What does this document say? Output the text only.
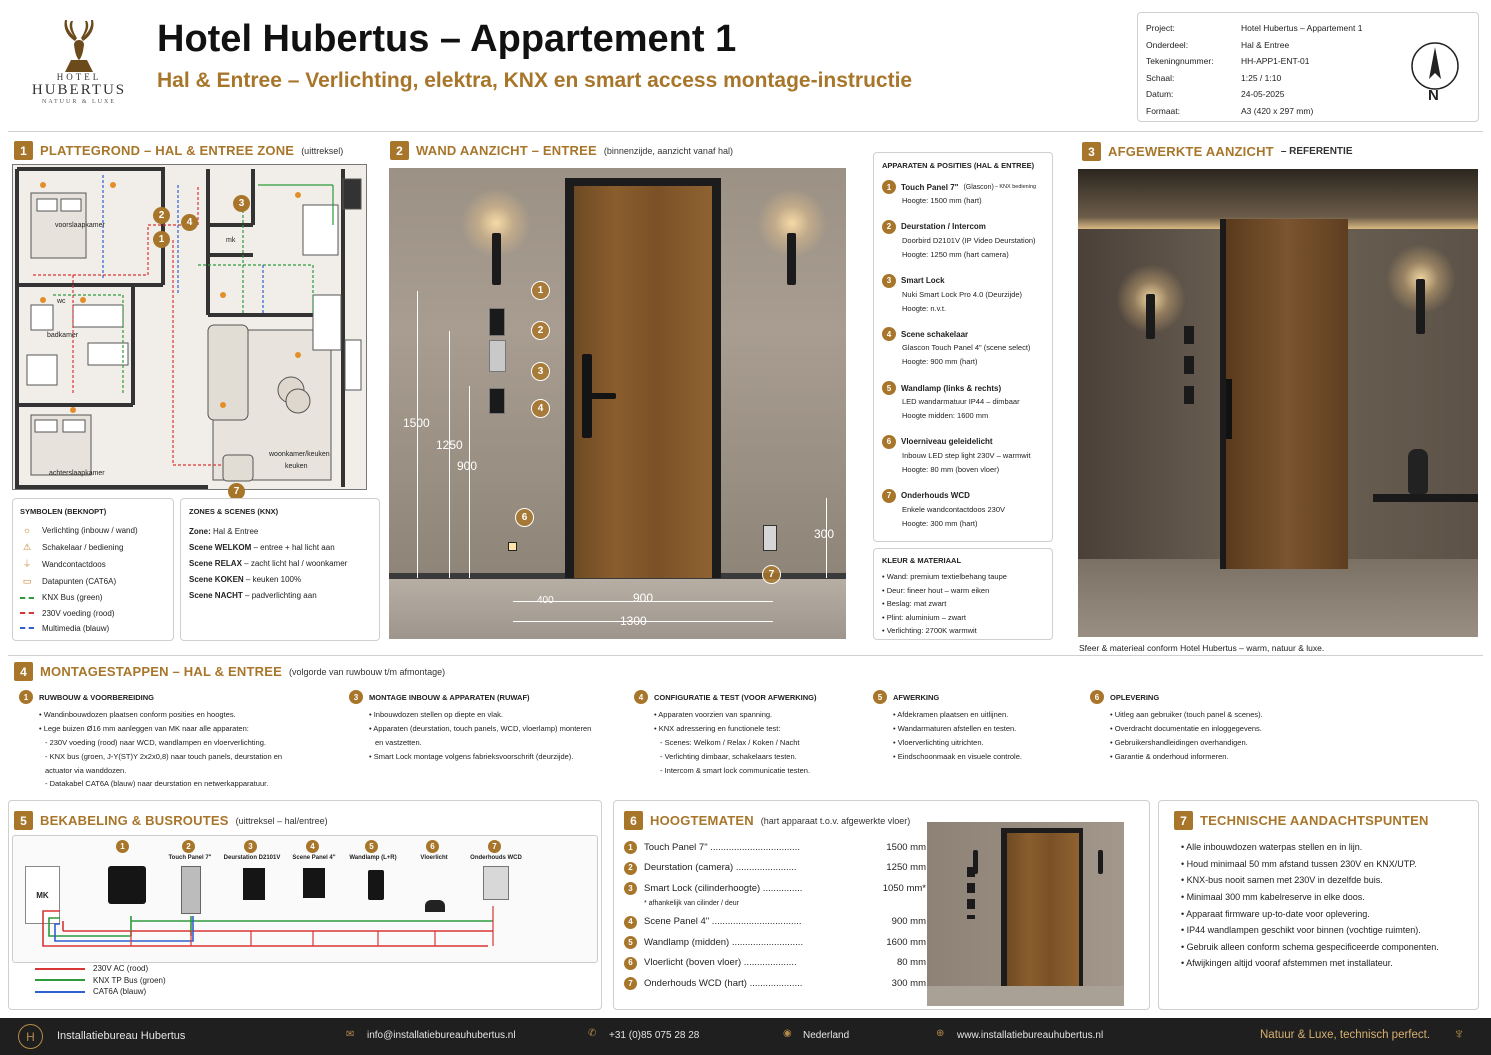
HOTEL
HUBERTUS
NATUUR & LUXE
Hotel Hubertus – Appartement 1
Hal & Entree – Verlichting, elektra, KNX en smart access montage-instructie
Project:	Hotel Hubertus – Appartement 1
Onderdeel:	Hal & Entree
Tekeningnummer:	HH-APP1-ENT-01
Schaal:	1:25 / 1:10
Datum:	24-05-2025
Formaat:	A3 (420 x 297 mm)
N
1	PLATTEGROND – HAL & ENTREE ZONE (uittreksel)
voorslaapkamer
mk
wc
badkamer
achterslaapkamer
woonkamer/keuken
keuken
2
4
3
1
7
SYMBOLEN (BEKNOPT)
☼	Verlichting (inbouw / wand)
⚠	Schakelaar / bediening
⏚	Wandcontactdoos
▭	Datapunten (CAT6A)
KNX Bus (green)
230V voeding (rood)
Multimedia (blauw)
ZONES & SCENES (KNX)
Zone: Hal & Entree
Scene WELKOM – entree + hal licht aan
Scene RELAX – zacht licht hal / woonkamer
Scene KOKEN – keuken 100%
Scene NACHT – padverlichting aan
2	WAND AANZICHT – ENTREE (binnenzijde, aanzicht vanaf hal)
1500
1250
900
300
400	900
1300
1
2
3
4
6
7
APPARATEN & POSITIES (HAL & ENTREE)
1	Touch Panel 7" (Glascon) – KNX bediening
Hoogte: 1500 mm (hart)
2	Deurstation / Intercom
Doorbird D2101V (IP Video Deurstation)
Hoogte: 1250 mm (hart camera)
3	Smart Lock
Nuki Smart Lock Pro 4.0 (Deurzijde)
Hoogte: n.v.t.
4	Scene schakelaar
Glascon Touch Panel 4" (scene select)
Hoogte: 900 mm (hart)
5	Wandlamp (links & rechts)
LED wandarmatuur IP44 – dimbaar
Hoogte midden: 1600 mm
6	Vloerniveau geleidelicht
Inbouw LED step light 230V – warmwit
Hoogte: 80 mm (boven vloer)
7	Onderhouds WCD
Enkele wandcontactdoos 230V
Hoogte: 300 mm (hart)
KLEUR & MATERIAAL
• Wand: premium textielbehang taupe
• Deur: fineer hout – warm eiken
• Beslag: mat zwart
• Plint: aluminium – zwart
• Verlichting: 2700K warmwit
3	AFGEWERKTE AANZICHT – REFERENTIE
Sfeer & materieal conform Hotel Hubertus – warm, natuur & luxe.
4	MONTAGESTAPPEN – HAL & ENTREE (volgorde van ruwbouw t/m afmontage)
1	RUWBOUW & VOORBEREIDING
• Wandinbouwdozen plaatsen conform posities en hoogtes.
• Lege buizen Ø16 mm aanleggen van MK naar alle apparaten:
- 230V voeding (rood) naar WCD, wandlampen en vloerverlichting.
- KNX bus (groen, J-Y(ST)Y 2x2x0,8) naar touch panels, deurstation en
actuator via wanddozen.
- Datakabel CAT6A (blauw) naar deurstation en netwerkapparatuur.
3	MONTAGE INBOUW & APPARATEN (RUWAF)
• Inbouwdozen stellen op diepte en vlak.
• Apparaten (deurstation, touch panels, WCD, vloerlamp) monteren
en vastzetten.
• Smart Lock montage volgens fabrieksvoorschrift (deurzijde).
4	CONFIGURATIE & TEST (VOOR AFWERKING)
• Apparaten voorzien van spanning.
• KNX adressering en functionele test:
- Scenes: Welkom / Relax / Koken / Nacht
- Verlichting dimbaar, schakelaars testen.
- Intercom & smart lock communicatie testen.
5	AFWERKING
• Afdekramen plaatsen en uitlijnen.
• Wandarmaturen afstellen en testen.
• Vloerverlichting uitrichten.
• Eindschoonmaak en visuele controle.
6	OPLEVERING
• Uitleg aan gebruiker (touch panel & scenes).
• Overdracht documentatie en inloggegevens.
• Gebruikershandleidingen overhandigen.
• Garantie & onderhoud informeren.
5	BEKABELING & BUSROUTES (uittreksel – hal/entree)
MK
1	2
Touch Panel 7"
3
Deurstation D2101V
4
Scene Panel 4"
5
Wandlamp (L+R)
6
Vloerlicht
7
Onderhouds WCD
230V AC (rood)
KNX TP Bus (groen)
CAT6A (blauw)
6	HOOGTEMATEN (hart apparaat t.o.v. afgewerkte vloer)
1	Touch Panel 7" ..................................	1500 mm
2	Deurstation (camera) .......................	1250 mm
3	Smart Lock (cilinderhoogte) ...............	1050 mm*
* afhankelijk van cilinder / deur
4	Scene Panel 4" ..................................	900 mm
5	Wandlamp (midden) ...........................	1600 mm
6	Vloerlicht (boven vloer) ....................	80 mm
7	Onderhouds WCD (hart) ....................	300 mm
7	TECHNISCHE AANDACHTSPUNTEN
• Alle inbouwdozen waterpas stellen en in lijn.
• Houd minimaal 50 mm afstand tussen 230V en KNX/UTP.
• KNX-bus nooit samen met 230V in dezelfde buis.
• Minimaal 300 mm kabelreserve in elke doos.
• Apparaat firmware up-to-date voor oplevering.
• IP44 wandlampen geschikt voor binnen (vochtige ruimten).
• Gebruik alleen conform schema gespecificeerde componenten.
• Afwijkingen altijd vooraf afstemmen met installateur.
H	Installatiebureau Hubertus	✉ info@installatiebureauhubertus.nl	✆ +31 (0)85 075 28 28	◉ Nederland	⊕ www.installatiebureauhubertus.nl	Natuur & Luxe, technisch perfect. ♆
